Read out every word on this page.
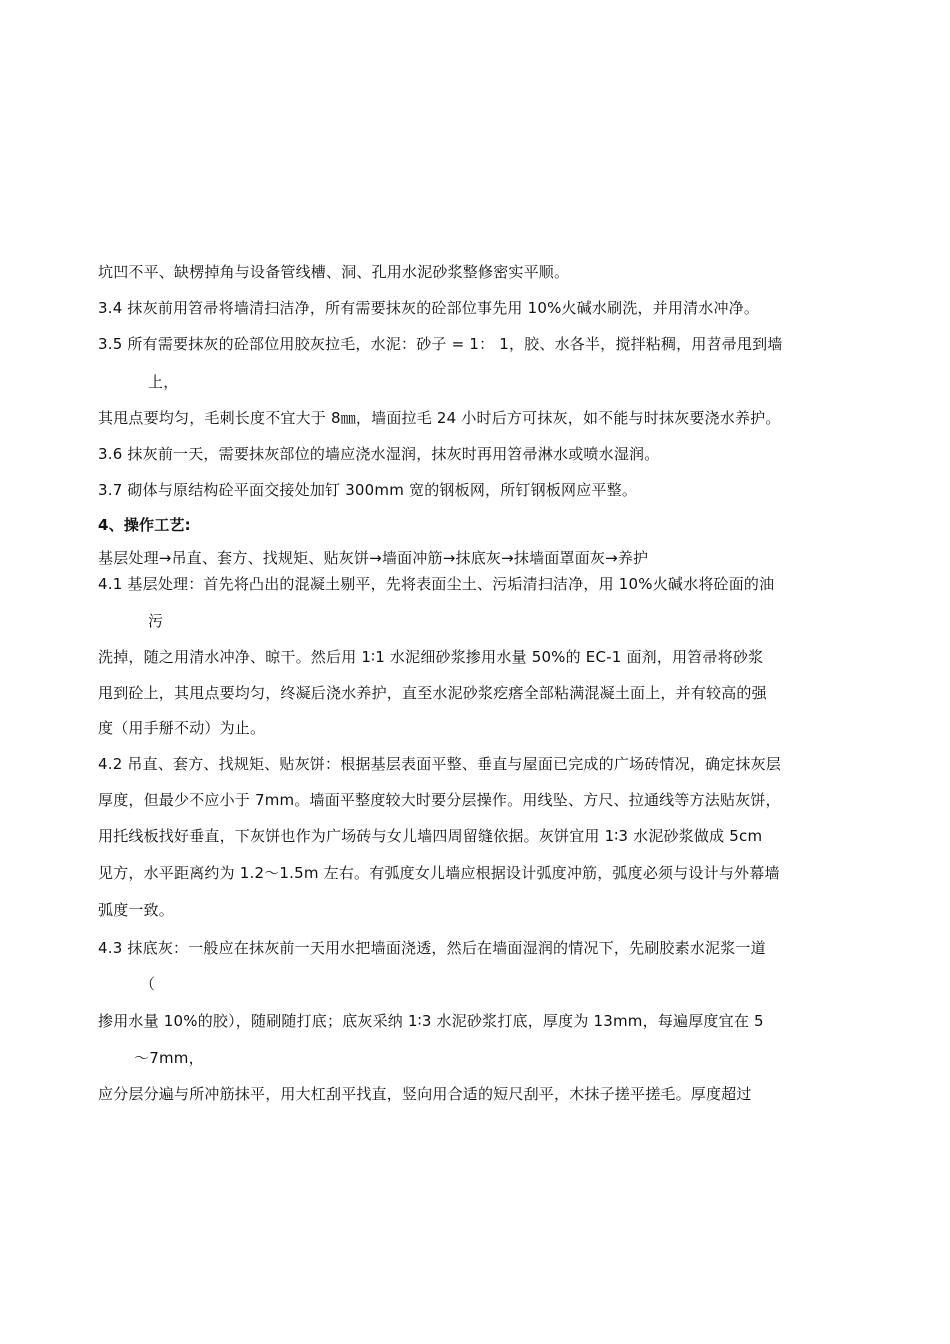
坑凹不平、缺楞掉角与设备管线槽、洞、孔用水泥砂浆整修密实平顺。
3.4 抹灰前用笤帚将墙清扫洁净，所有需要抹灰的砼部位事先用 10%火碱水刷洗，并用清水冲净。
3.5 所有需要抹灰的砼部位用胶灰拉毛，水泥：砂子 = 1： 1，胶、水各半，搅拌粘稠，用苕帚甩到墙
上，
其甩点要均匀，毛刺长度不宜大于 8㎜，墙面拉毛 24 小时后方可抹灰，如不能与时抹灰要浇水养护。
3.6 抹灰前一天，需要抹灰部位的墙应浇水湿润，抹灰时再用笤帚淋水或喷水湿润。
3.7 砌体与原结构砼平面交接处加钉 300mm 宽的钢板网，所钉钢板网应平整。
4、操作工艺:
基层处理→吊直、套方、找规矩、贴灰饼→墙面冲筋→抹底灰→抹墙面罩面灰→养护
4.1 基层处理：首先将凸出的混凝土剔平，先将表面尘土、污垢清扫洁净，用 10%火碱水将砼面的油
污
洗掉，随之用清水冲净、晾干。然后用 1∶1 水泥细砂浆掺用水量 50%的 EC-1 面剂，用笤帚将砂浆
甩到砼上，其甩点要均匀，终凝后浇水养护，直至水泥砂浆疙瘩全部粘满混凝土面上，并有较高的强
度（用手掰不动）为止。
4.2 吊直、套方、找规矩、贴灰饼：根据基层表面平整、垂直与屋面已完成的广场砖情况，确定抹灰层
厚度，但最少不应小于 7mm。墙面平整度较大时要分层操作。用线坠、方尺、拉通线等方法贴灰饼，
用托线板找好垂直，下灰饼也作为广场砖与女儿墙四周留缝依据。灰饼宜用 1∶3 水泥砂浆做成 5cm
见方，水平距离约为 1.2～1.5m 左右。有弧度女儿墙应根据设计弧度冲筋，弧度必须与设计与外幕墙
弧度一致。
4.3 抹底灰：一般应在抹灰前一天用水把墙面浇透，然后在墙面湿润的情况下，先刷胶素水泥浆一道
（
掺用水量 10%的胶），随刷随打底；底灰采纳 1∶3 水泥砂浆打底，厚度为 13mm，每遍厚度宜在 5
～7mm，
应分层分遍与所冲筋抹平，用大杠刮平找直，竖向用合适的短尺刮平，木抹子搓平搓毛。厚度超过
